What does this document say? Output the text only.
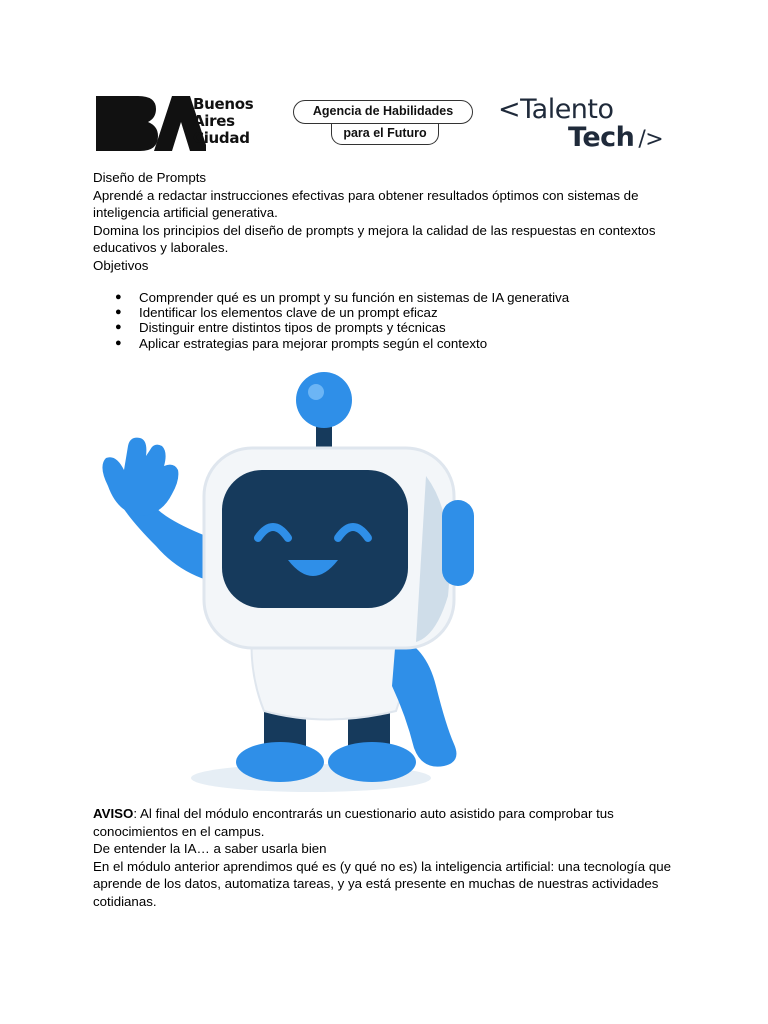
Buenos
Aires
Ciudad
Agencia de Habilidades
para el Futuro
<Talento
Tech />
Diseño de Prompts
Aprendé a redactar instrucciones efectivas para obtener resultados óptimos con sistemas de inteligencia artificial generativa.
Domina los principios del diseño de prompts y mejora la calidad de las respuestas en contextos educativos y laborales.
Objetivos
● Comprender qué es un prompt y su función en sistemas de IA generativa
● Identificar los elementos clave de un prompt eficaz
● Distinguir entre distintos tipos de prompts y técnicas
● Aplicar estrategias para mejorar prompts según el contexto
AVISO: Al final del módulo encontrarás un cuestionario auto asistido para comprobar tus conocimientos en el campus.
De entender la IA… a saber usarla bien
En el módulo anterior aprendimos qué es (y qué no es) la inteligencia artificial: una tecnología que aprende de los datos, automatiza tareas, y ya está presente en muchas de nuestras actividades cotidianas.
